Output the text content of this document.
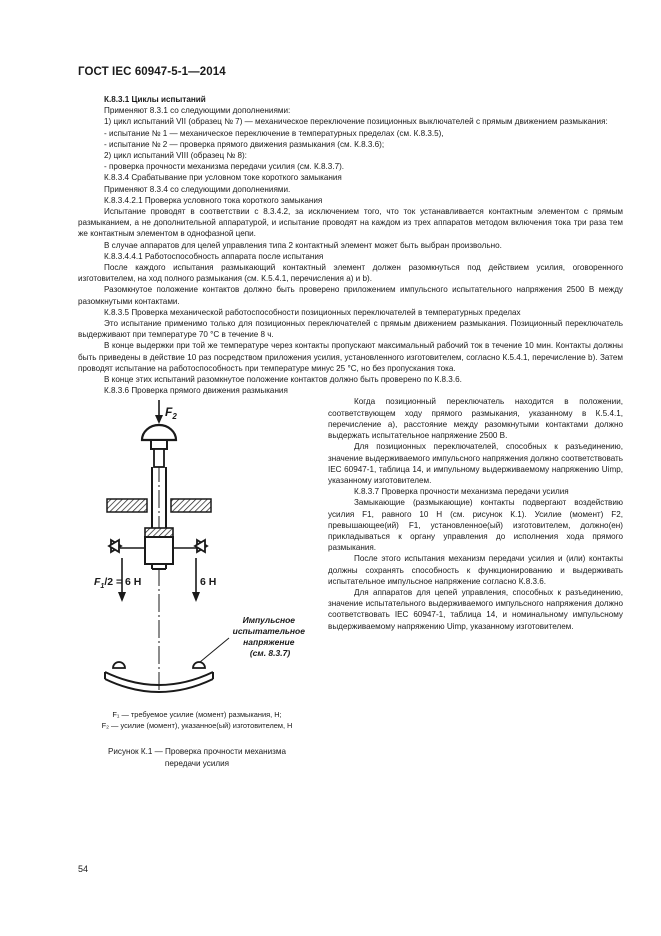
ГОСТ IEC 60947-5-1—2014

К.8.3.1 Циклы испытаний

Применяют 8.3.1 со следующими дополнениями:

1) цикл испытаний VII (образец № 7) — механическое переключение позиционных выключателей с прямым движением размыкания:

- испытание № 1 — механическое переключение в температурных пределах (см. К.8.3.5),

- испытание № 2 — проверка прямого движения размыкания (см. К.8.3.6);

2) цикл испытаний VIII (образец № 8):

- проверка прочности механизма передачи усилия (см. К.8.3.7).

К.8.3.4 Срабатывание при условном токе короткого замыкания

Применяют 8.3.4 со следующими дополнениями.

К.8.3.4.2.1 Проверка условного тока короткого замыкания

Испытание проводят в соответствии с 8.3.4.2, за исключением того, что ток устанавливается контактным элементом с прямым размыканием, а не дополнительной аппаратурой, и испытание проводят на каждом из трех аппаратов методом включения тока три раза тем же контактным элементом в однофазной цепи.

В случае аппаратов для целей управления типа 2 контактный элемент может быть выбран произвольно.

К.8.3.4.4.1 Работоспособность аппарата после испытания

После каждого испытания размыкающий контактный элемент должен разомкнуться под действием усилия, оговоренного изготовителем, на ход полного размыкания (см. К.5.4.1, перечисления а) и b).

Разомкнутое положение контактов должно быть проверено приложением импульсного испытательного напряжения 2500 В между разомкнутыми контактами.

К.8.3.5 Проверка механической работоспособности позиционных переключателей в температурных пределах

Это испытание применимо только для позиционных переключателей с прямым движением размыкания. Позиционный переключатель выдерживают при температуре 70 °С в течение 8 ч.

В конце выдержки при той же температуре через контакты пропускают максимальный рабочий ток в течение 10 мин. Контакты должны быть приведены в действие 10 раз посредством приложения усилия, установленного изготовителем, согласно К.5.4.1, перечисление b). Затем проводят испытание на работоспособность при температуре минус 25 °С, но без пропускания тока.

В конце этих испытаний разомкнутое положение контактов должно быть проверено по К.8.3.6.

К.8.3.6 Проверка прямого движения размыкания

$F_2$
$F_1/2 = 6$ H	6 H
Импульсное испытательное напряжение (см. 8.3.7)
F₁ — требуемое усилие (момент) размыкания, Н;
F₂ — усилие (момент), указанное(ый) изготовителем, Н
Рисунок К.1 — Проверка прочности механизма
передачи усилия

Когда позиционный переключатель находится в положении, соответствующем ходу прямого размыкания, указанному в К.5.4.1, перечисление а), расстояние между разомкнутыми контактами должно выдержать испытательное напряжение 2500 В.

Для позиционных переключателей, способных к разъединению, значение выдерживаемого импульсного напряжения должно соответствовать IEC 60947-1, таблица 14, и импульному выдерживаемому напряжению Uimp, указанному изготовителем.

К.8.3.7 Проверка прочности механизма передачи усилия

Замыкающие (размыкающие) контакты подвергают воздействию усилия F1, равного 10 Н (см. рисунок К.1). Усилие (момент) F2, превышающее(ий) F1, установленное(ый) изготовителем, должно(ен) прикладываться к органу управления до исполнения хода прямого размыкания.

После этого испытания механизм передачи усилия и (или) контакты должны сохранять способность к функционированию и выдерживать испытательное импульсное напряжение согласно К.8.3.6.

Для аппаратов для цепей управления, способных к разъединению, значение испытательного выдерживаемого импульсного напряжения должно соответствовать IEC 60947-1, таблица 14, и номинальному импульсному выдерживаемому напряжению Uimp, указанному изготовителем.

54
